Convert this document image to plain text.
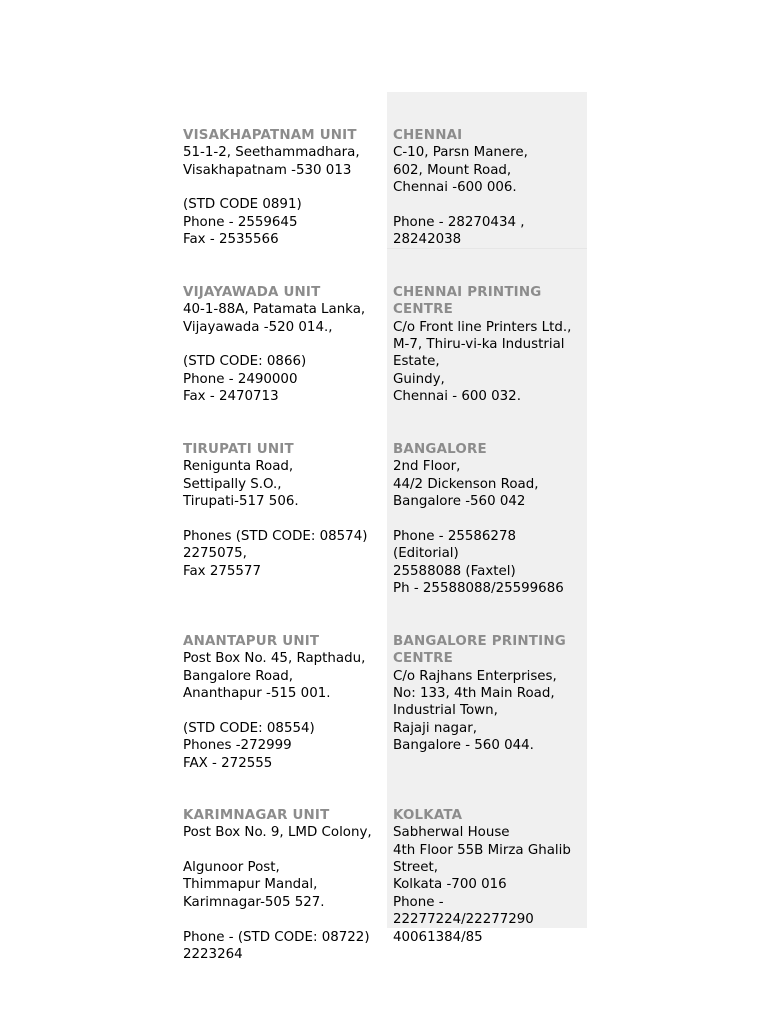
VISAKHAPATNAM UNIT
51-1-2, Seethammadhara,
Visakhapatnam -530 013

(STD CODE 0891)
Phone - 2559645
Fax - 2535566

CHENNAI
C-10, Parsn Manere,
602, Mount Road,
Chennai -600 006.

Phone - 28270434 ,
28242038

VIJAYAWADA UNIT
40-1-88A, Patamata Lanka,
Vijayawada -520 014.,

(STD CODE: 0866)
Phone - 2490000
Fax - 2470713

CHENNAI PRINTING
CENTRE
C/o Front line Printers Ltd.,
M-7, Thiru-vi-ka Industrial
Estate,
Guindy,
Chennai - 600 032.

TIRUPATI UNIT
Renigunta Road,
Settipally S.O.,
Tirupati-517 506.

Phones (STD CODE: 08574)
2275075,
Fax 275577

BANGALORE
2nd Floor,
44/2 Dickenson Road,
Bangalore -560 042

Phone - 25586278
(Editorial)
25588088 (Faxtel)
Ph - 25588088/25599686

ANANTAPUR UNIT
Post Box No. 45, Rapthadu,
Bangalore Road,
Ananthapur -515 001.

(STD CODE: 08554)
Phones -272999
FAX - 272555

BANGALORE PRINTING
CENTRE
C/o Rajhans Enterprises,
No: 133, 4th Main Road,
Industrial Town,
Rajaji nagar,
Bangalore - 560 044.

KARIMNAGAR UNIT
Post Box No. 9, LMD Colony,

Algunoor Post,
Thimmapur Mandal,
Karimnagar-505 527.

Phone - (STD CODE: 08722)
2223264

KOLKATA
Sabherwal House
4th Floor 55B Mirza Ghalib
Street,
Kolkata -700 016
Phone -
22277224/22277290
40061384/85
